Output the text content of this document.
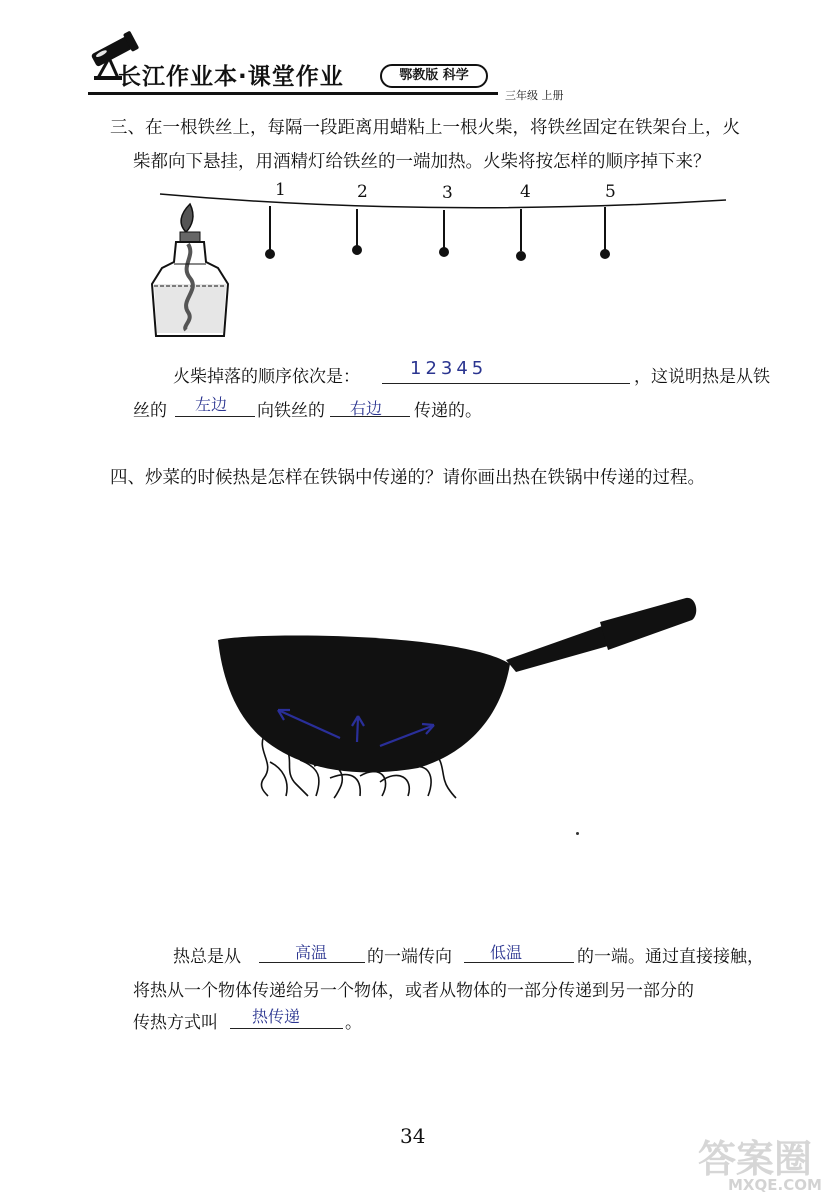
长江作业本·课堂作业	鄂教版 科学
三年级 上册
三、在一根铁丝上，每隔一段距离用蜡粘上一根火柴，将铁丝固定在铁架台上，火
柴都向下悬挂，用酒精灯给铁丝的一端加热。火柴将按怎样的顺序掉下来？
1	2	3	4	5
火柴掉落的顺序依次是：	12345	，这说明热是从铁
丝的 左边 向铁丝的 右边 传递的。
四、炒菜的时候热是怎样在铁锅中传递的？请你画出热在铁锅中传递的过程。
热总是从	高温 的一端传向 低温	的一端。通过直接接触，
将热从一个物体传递给另一个物体，或者从物体的一部分传递到另一部分的
传热方式叫 热传递	。
34
答案圈
MXQE.COM
